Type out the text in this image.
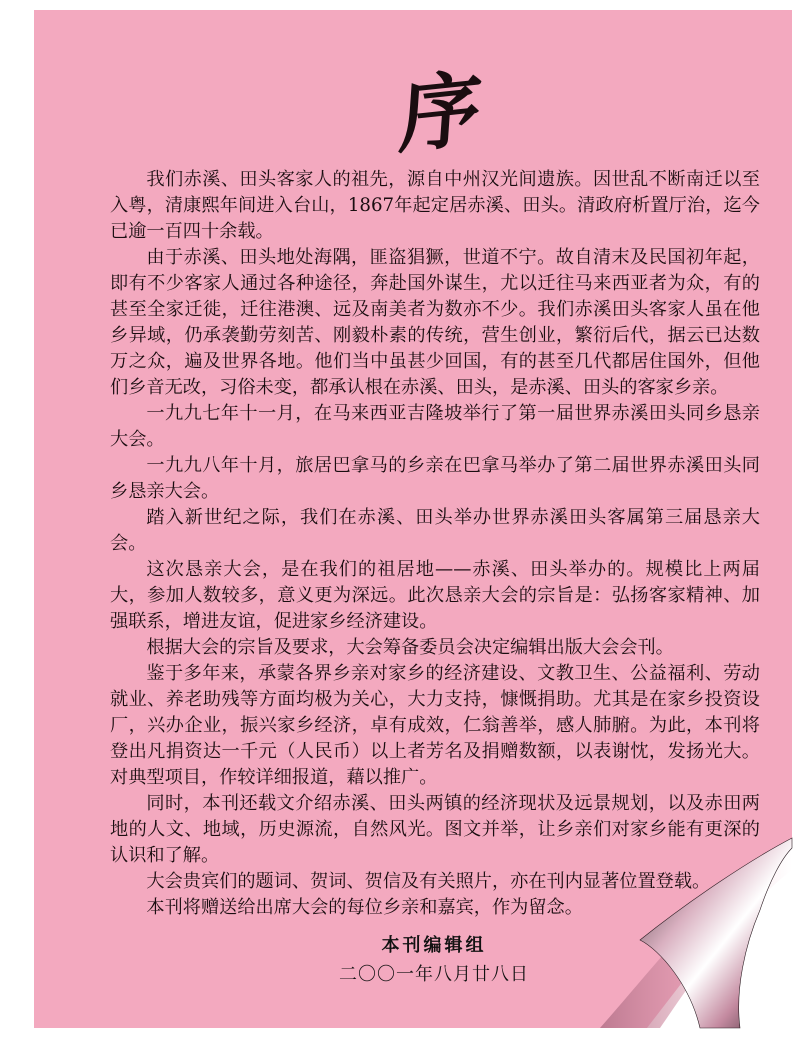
序

我们赤溪、田头客家人的祖先，源自中州汉光间遗族。因世乱不断南迁以至入粤，清康熙年间进入台山，1867年起定居赤溪、田头。清政府析置厅治，迄今已逾一百四十余载。

由于赤溪、田头地处海隅，匪盗猖獗，世道不宁。故自清末及民国初年起，即有不少客家人通过各种途径，奔赴国外谋生，尤以迁往马来西亚者为众，有的甚至全家迁徙，迁往港澳、远及南美者为数亦不少。我们赤溪田头客家人虽在他乡异域，仍承袭勤劳刻苦、刚毅朴素的传统，营生创业，繁衍后代，据云已达数万之众，遍及世界各地。他们当中虽甚少回国，有的甚至几代都居住国外，但他们乡音无改，习俗未变，都承认根在赤溪、田头，是赤溪、田头的客家乡亲。

一九九七年十一月，在马来西亚吉隆坡举行了第一届世界赤溪田头同乡恳亲大会。

一九九八年十月，旅居巴拿马的乡亲在巴拿马举办了第二届世界赤溪田头同乡恳亲大会。

踏入新世纪之际，我们在赤溪、田头举办世界赤溪田头客属第三届恳亲大会。

这次恳亲大会，是在我们的祖居地——赤溪、田头举办的。规模比上两届大，参加人数较多，意义更为深远。此次恳亲大会的宗旨是：弘扬客家精神、加强联系，增进友谊，促进家乡经济建设。

根据大会的宗旨及要求，大会筹备委员会决定编辑出版大会会刊。

鉴于多年来，承蒙各界乡亲对家乡的经济建设、文教卫生、公益福利、劳动就业、养老助残等方面均极为关心，大力支持，慷慨捐助。尤其是在家乡投资设厂，兴办企业，振兴家乡经济，卓有成效，仁翁善举，感人肺腑。为此，本刊将登出凡捐资达一千元（人民币）以上者芳名及捐赠数额，以表谢忱，发扬光大。对典型项目，作较详细报道，藉以推广。

同时，本刊还载文介绍赤溪、田头两镇的经济现状及远景规划，以及赤田两地的人文、地域，历史源流，自然风光。图文并举，让乡亲们对家乡能有更深的认识和了解。

大会贵宾们的题词、贺词、贺信及有关照片，亦在刊内显著位置登载。

本刊将赠送给出席大会的每位乡亲和嘉宾，作为留念。

本刊编辑组
二〇〇一年八月廿八日
